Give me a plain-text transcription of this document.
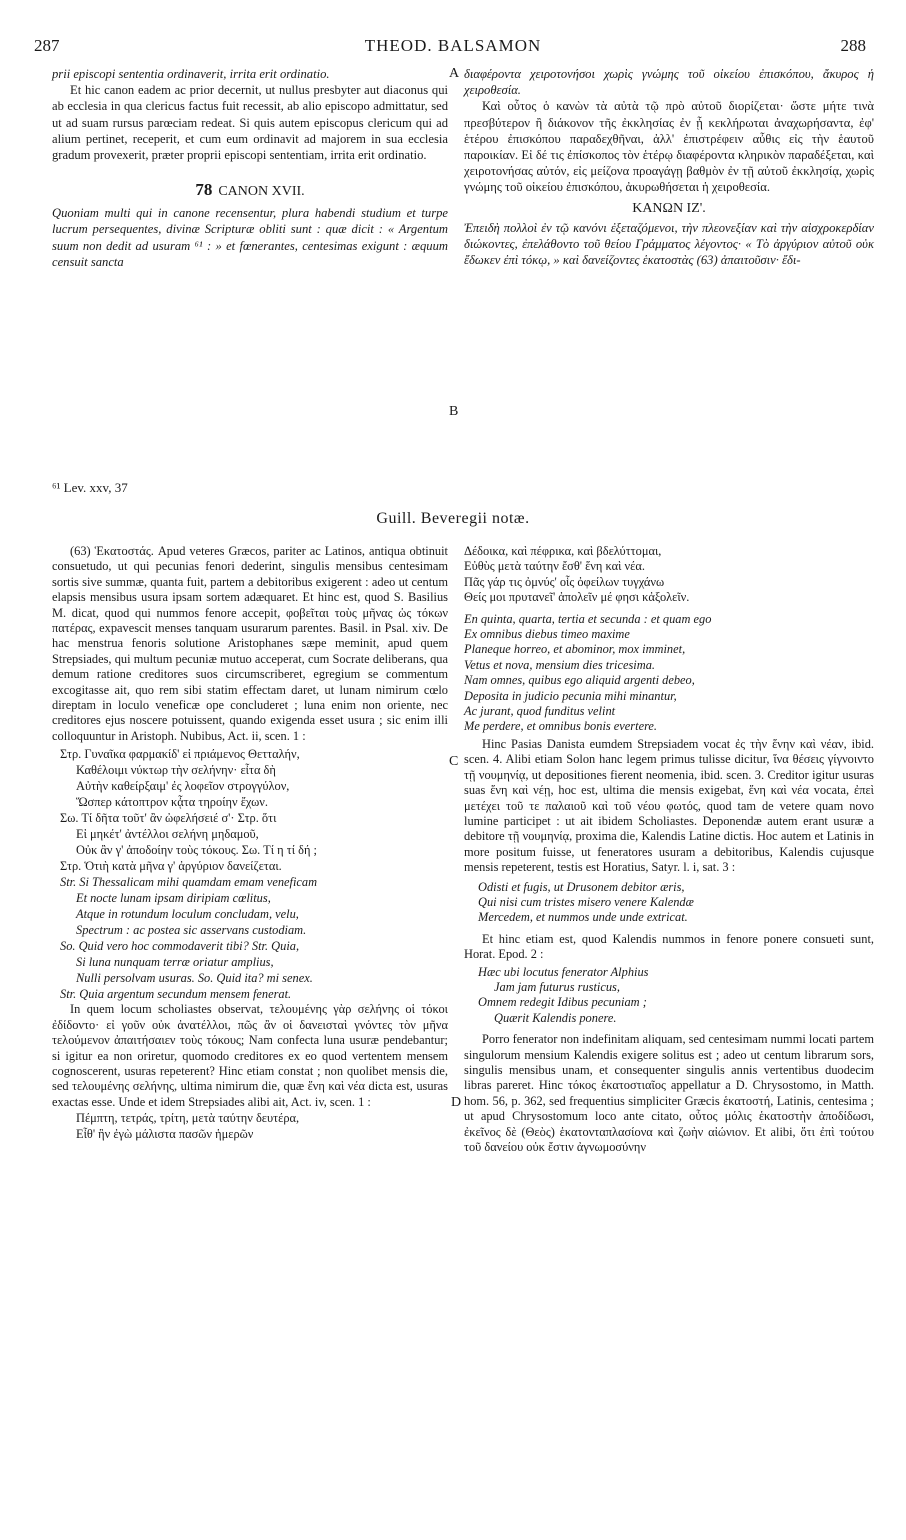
287	THEOD. BALSAMON	288

prii episcopi sententia ordinaverit, irrita erit ordinatio.

Et hic canon eadem ac prior decernit, ut nullus presbyter aut diaconus qui ab ecclesia in qua clericus factus fuit recessit, ab alio episcopo admittatur, sed ut ad suam rursus parœciam redeat. Si quis autem episcopus clericum qui ad alium pertinet, receperit, et cum eum ordinavit ad majorem in sua ecclesia gradum provexerit, præter proprii episcopi sententiam, irrita erit ordinatio.

78 CANON XVII.

Quoniam multi qui in canone recensentur, plura habendi studium et turpe lucrum persequentes, divinæ Scripturæ obliti sunt : quæ dicit : « Argentum suum non dedit ad usuram ⁶¹ : » et fœnerantes, centesimas exigunt : æquum censuit sancta

διαφέροντα χειροτονήσοι χωρὶς γνώμης τοῦ οἰκείου ἐπισκόπου, ἄκυρος ἡ χειροθεσία.

Καὶ οὗτος ὁ κανὼν τὰ αὐτὰ τῷ πρὸ αὐτοῦ διορίζεται· ὥστε μήτε τινὰ πρεσβύτερον ἢ διάκονον τῆς ἐκκλησίας ἐν ᾗ κεκλήρωται ἀναχωρήσαντα, ἐφ' ἑτέρου ἐπισκόπου παραδεχθῆναι, ἀλλ' ἐπιστρέφειν αὖθις εἰς τὴν ἑαυτοῦ παροικίαν. Εἰ δέ τις ἐπίσκοπος τὸν ἑτέρῳ διαφέροντα κληρικὸν παραδέξεται, καὶ χειροτονήσας αὐτόν, εἰς μείζονα προαγάγῃ βαθμὸν ἐν τῇ αὐτοῦ ἐκκλησίᾳ, χωρὶς γνώμης τοῦ οἰκείου ἐπισκόπου, ἀκυρωθήσεται ἡ χειροθεσία.

ΚΑΝΩΝ ΙΖ'.

Ἐπειδὴ πολλοὶ ἐν τῷ κανόνι ἐξεταζόμενοι, τὴν πλεονεξίαν καὶ τὴν αἰσχροκερδίαν διώκοντες, ἐπελάθοντο τοῦ θείου Γράμματος λέγοντος· « Τὸ ἀργύριον αὐτοῦ οὐκ ἔδωκεν ἐπὶ τόκῳ, » καὶ δανείζοντες ἑκατοστὰς (63) ἀπαιτοῦσιν· ἔδι-

A
B
C
D
⁶¹ Lev. xxv, 37
Guill. Beveregii notæ.

(63) Ἑκατοστάς. Apud veteres Græcos, pariter ac Latinos, antiqua obtinuit consuetudo, ut qui pecunias fenori dederint, singulis mensibus centesimam sortis sive summæ, quanta fuit, partem a debitoribus exigerent : adeo ut centum elapsis mensibus usura ipsam sortem adæquaret. Et hinc est, quod S. Basilius M. dicat, quod qui nummos fenore accepit, φοβεῖται τοὺς μῆνας ὡς τόκων πατέρας, expavescit menses tanquam usurarum parentes. Basil. in Psal. xiv. De hac menstrua fenoris solutione Aristophanes sæpe meminit, apud quem Strepsiades, qui multum pecuniæ mutuo acceperat, cum Socrate deliberans, qua demum ratione creditores suos circumscriberet, egregium se commentum excogitasse ait, quo rem sibi statim effectam daret, ut lunam nimirum cœlo direptam in loculo veneficæ ope concluderet ; luna enim non oriente, nec creditores ejus noscere potuissent, quando exigenda esset usura ; sic enim illi colloquuntur in Aristoph. Nubibus, Act. ii, scen. 1 :

Στρ. Γυναῖκα φαρμακίδ' εἰ πριάμενος Θετταλήν,
Καθέλοιμι νύκτωρ τὴν σελήνην· εἶτα δὴ
Αὐτὴν καθείρξαιμ' ἐς λοφεῖον στρογγύλον,
Ὥσπερ κάτοπτρον κᾆτα τηροίην ἔχων.
Σω. Τί δῆτα τοῦτ' ἂν ὠφελήσειέ σ'· Στρ. ὅτι
Εἰ μηκέτ' ἀντέλλοι σελήνη μηδαμοῦ,
Οὐκ ἂν γ' ἀποδοίην τοὺς τόκους. Σω. Τί η τί δή ;
Στρ. Ὁτιὴ κατὰ μῆνα γ' ἀργύριον δανείζεται.
Str. Si Thessalicam mihi quamdam emam veneficam
Et nocte lunam ipsam diripiam cœlitus,
Atque in rotundum loculum concludam, velu,
Spectrum : ac postea sic asservans custodiam.
So. Quid vero hoc commodaverit tibi? Str. Quia,
Si luna nunquam terræ oriatur amplius,
Nulli persolvam usuras. So. Quid ita? mi senex.
Str. Quia argentum secundum mensem fenerat.

In quem locum scholiastes observat, τελουμένης γὰρ σελήνης οἱ τόκοι ἐδίδοντο· εἰ γοῦν οὐκ ἀνατέλλοι, πῶς ἂν οἱ δανεισταὶ γνόντες τὸν μῆνα τελούμενον ἀπαιτήσαιεν τοὺς τόκους; Nam confecta luna usuræ pendebantur; si igitur ea non oriretur, quomodo creditores ex eo quod vertentem mensem cognoscerent, usuras repeterent? Hinc etiam constat ; non quolibet mensis die, sed τελουμένης σελήνης, ultima nimirum die, quæ ἕνη καὶ νέα dicta est, usuras exactas esse. Unde et idem Strepsiades alibi ait, Act. iv, scen. 1 :

Πέμπτη, τετράς, τρίτη, μετὰ ταύτην δευτέρα,
Εἶθ' ἣν ἐγὼ μάλιστα πασῶν ἡμερῶν
Δέδοικα, καὶ πέφρικα, καὶ βδελύττομαι,
Εὐθὺς μετὰ ταύτην ἔσθ' ἕνη καὶ νέα.
Πᾶς γάρ τις ὀμνύς' οἷς ὀφείλων τυγχάνω
Θείς μοι πρυτανεῖ' ἀπολεῖν μέ φησι κἀξολεῖν.
En quinta, quarta, tertia et secunda : et quam ego
Ex omnibus diebus timeo maxime
Planeque horreo, et abominor, mox imminet,
Vetus et nova, mensium dies tricesima.
Nam omnes, quibus ego aliquid argenti debeo,
Deposita in judicio pecunia mihi minantur,
Ac jurant, quod funditus velint
Me perdere, et omnibus bonis evertere.

Hinc Pasias Danista eumdem Strepsiadem vocat ἐς τὴν ἕνην καὶ νέαν, ibid. scen. 4. Alibi etiam Solon hanc legem primus tulisse dicitur, ἵνα θέσεις γίγνοιντο τῇ νουμηνίᾳ, ut depositiones fierent neomenia, ibid. scen. 3. Creditor igitur usuras suas ἕνη καὶ νέῃ, hoc est, ultima die mensis exigebat, ἕνη καὶ νέα vocata, ἐπεὶ μετέχει τοῦ τε παλαιοῦ καὶ τοῦ νέου φωτός, quod tam de vetere quam novo lumine participet : ut ait ibidem Scholiastes. Deponendæ autem erant usuræ a debitore τῇ νουμηνίᾳ, proxima die, Kalendis Latine dictis. Hoc autem et Latinis in more positum fuisse, ut feneratores usuram a debitoribus, Kalendis cujusque mensis repeterent, testis est Horatius, Satyr. l. i, sat. 3 :

Odisti et fugis, ut Drusonem debitor æris,
Qui nisi cum tristes misero venere Kalendæ
Mercedem, et nummos unde unde extricat.

Et hinc etiam est, quod Kalendis nummos in fenore ponere consueti sunt, Horat. Epod. 2 :

Hæc ubi locutus fenerator Alphius
Jam jam futurus rusticus,
Omnem redegit Idibus pecuniam ;
Quærit Kalendis ponere.

Porro fenerator non indefinitam aliquam, sed centesimam nummi locati partem singulorum mensium Kalendis exigere solitus est ; adeo ut centum librarum sors, singulis mensibus unam, et consequenter singulis annis vertentibus duodecim libras pareret. Hinc τόκος ἑκατοστιαῖος appellatur a D. Chrysostomo, in Matth. hom. 56, p. 362, sed frequentius simpliciter Græcis ἑκατοστή, Latinis, centesima ; ut apud Chrysostomum loco ante citato, οὗτος μόλις ἑκατοστὴν ἀποδίδωσι, ἐκεῖνος δὲ (Θεὸς) ἑκατονταπλασίονα καὶ ζωὴν αἰώνιον. Et alibi, ὅτι ἐπὶ τούτου τοῦ δανείου οὐκ ἔστιν ἀγνωμοσύνην
